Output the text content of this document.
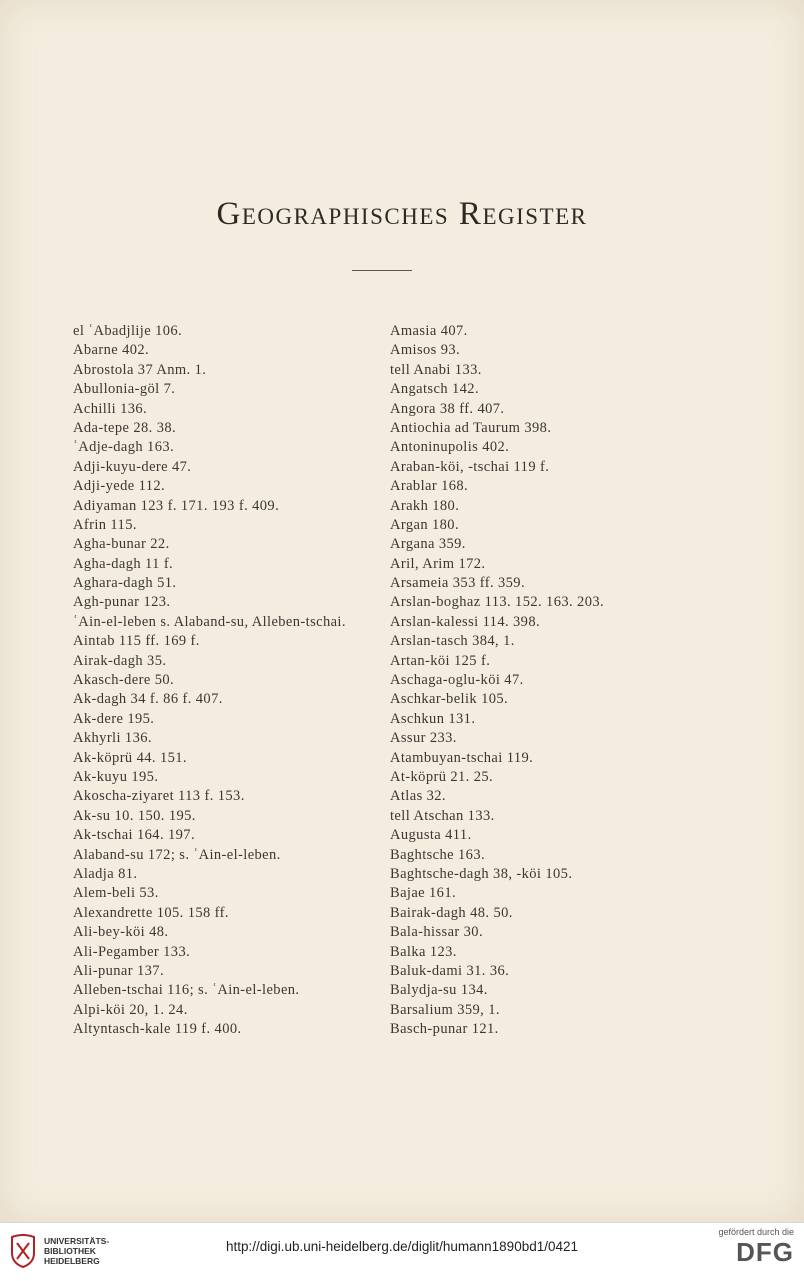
Geographisches Register
el ʿAbadjlije 106.
Abarne 402.
Abrostola 37 Anm. 1.
Abullonia-göl 7.
Achilli 136.
Ada-tepe 28. 38.
ʿAdje-dagh 163.
Adji-kuyu-dere 47.
Adji-yede 112.
Adiyaman 123 f. 171. 193 f. 409.
Afrin 115.
Agha-bunar 22.
Agha-dagh 11 f.
Aghara-dagh 51.
Agh-punar 123.
ʿAin-el-leben s. Alaband-su, Alleben-tschai.
Aintab 115 ff. 169 f.
Airak-dagh 35.
Akasch-dere 50.
Ak-dagh 34 f. 86 f. 407.
Ak-dere 195.
Akhyrli 136.
Ak-köprü 44. 151.
Ak-kuyu 195.
Akoscha-ziyaret 113 f. 153.
Ak-su 10. 150. 195.
Ak-tschai 164. 197.
Alaband-su 172; s. ʿAin-el-leben.
Aladja 81.
Alem-beli 53.
Alexandrette 105. 158 ff.
Ali-bey-köi 48.
Ali-Pegamber 133.
Ali-punar 137.
Alleben-tschai 116; s. ʿAin-el-leben.
Alpi-köi 20, 1. 24.
Altyntasch-kale 119 f. 400.
Amasia 407.
Amisos 93.
tell Anabi 133.
Angatsch 142.
Angora 38 ff. 407.
Antiochia ad Taurum 398.
Antoninupolis 402.
Araban-köi, -tschai 119 f.
Arablar 168.
Arakh 180.
Argan 180.
Argana 359.
Aril, Arim 172.
Arsameia 353 ff. 359.
Arslan-boghaz 113. 152. 163. 203.
Arslan-kalessi 114. 398.
Arslan-tasch 384, 1.
Artan-köi 125 f.
Aschaga-oglu-köi 47.
Aschkar-belik 105.
Aschkun 131.
Assur 233.
Atambuyan-tschai 119.
At-köprü 21. 25.
Atlas 32.
tell Atschan 133.
Augusta 411.
Baghtsche 163.
Baghtsche-dagh 38, -köi 105.
Bajae 161.
Bairak-dagh 48. 50.
Bala-hissar 30.
Balka 123.
Baluk-dami 31. 36.
Balydja-su 134.
Barsalium 359, 1.
Basch-punar 121.
UNIVERSITÄTS-
BIBLIOTHEK
HEIDELBERG
http://digi.ub.uni-heidelberg.de/diglit/humann1890bd1/0421
gefördert durch die
DFG
